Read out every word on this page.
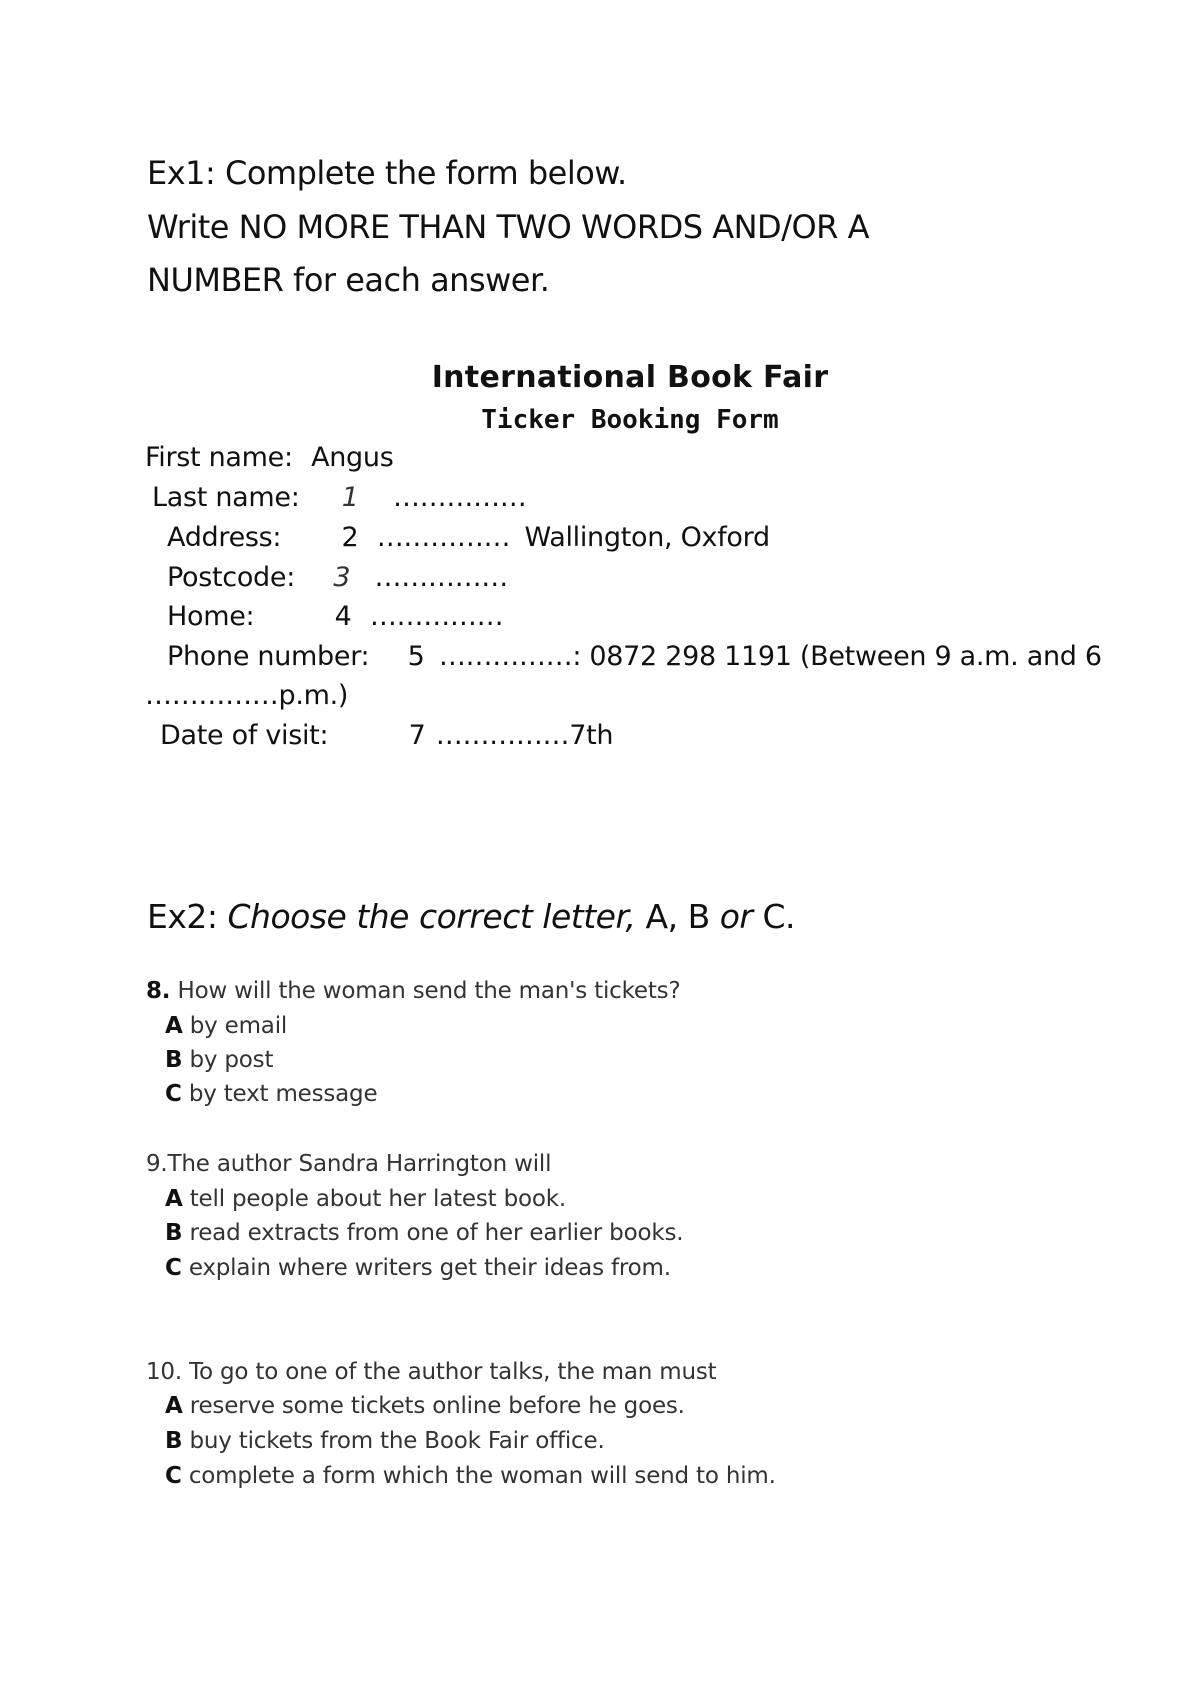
Ex1: Complete the form below.
Write NO MORE THAN TWO WORDS AND/OR A
NUMBER for each answer.
International Book Fair
Ticker Booking Form
First name: Angus
Last name: 1 ……………
Address: 2 …………… Wallington, Oxford
Postcode: 3 ……………
Home:	4 ……………
Phone number: 5 ……………: 0872 298 1191 (Between 9 a.m. and 6
……………p.m.)
Date of visit:	7 ……………7th
Ex2: Choose the correct letter, A, B or C.
8. How will the woman send the man's tickets?
A by email
B by post
C by text message
9.The author Sandra Harrington will
A tell people about her latest book.
B read extracts from one of her earlier books.
C explain where writers get their ideas from.
10. To go to one of the author talks, the man must
A reserve some tickets online before he goes.
B buy tickets from the Book Fair office.
C complete a form which the woman will send to him.
